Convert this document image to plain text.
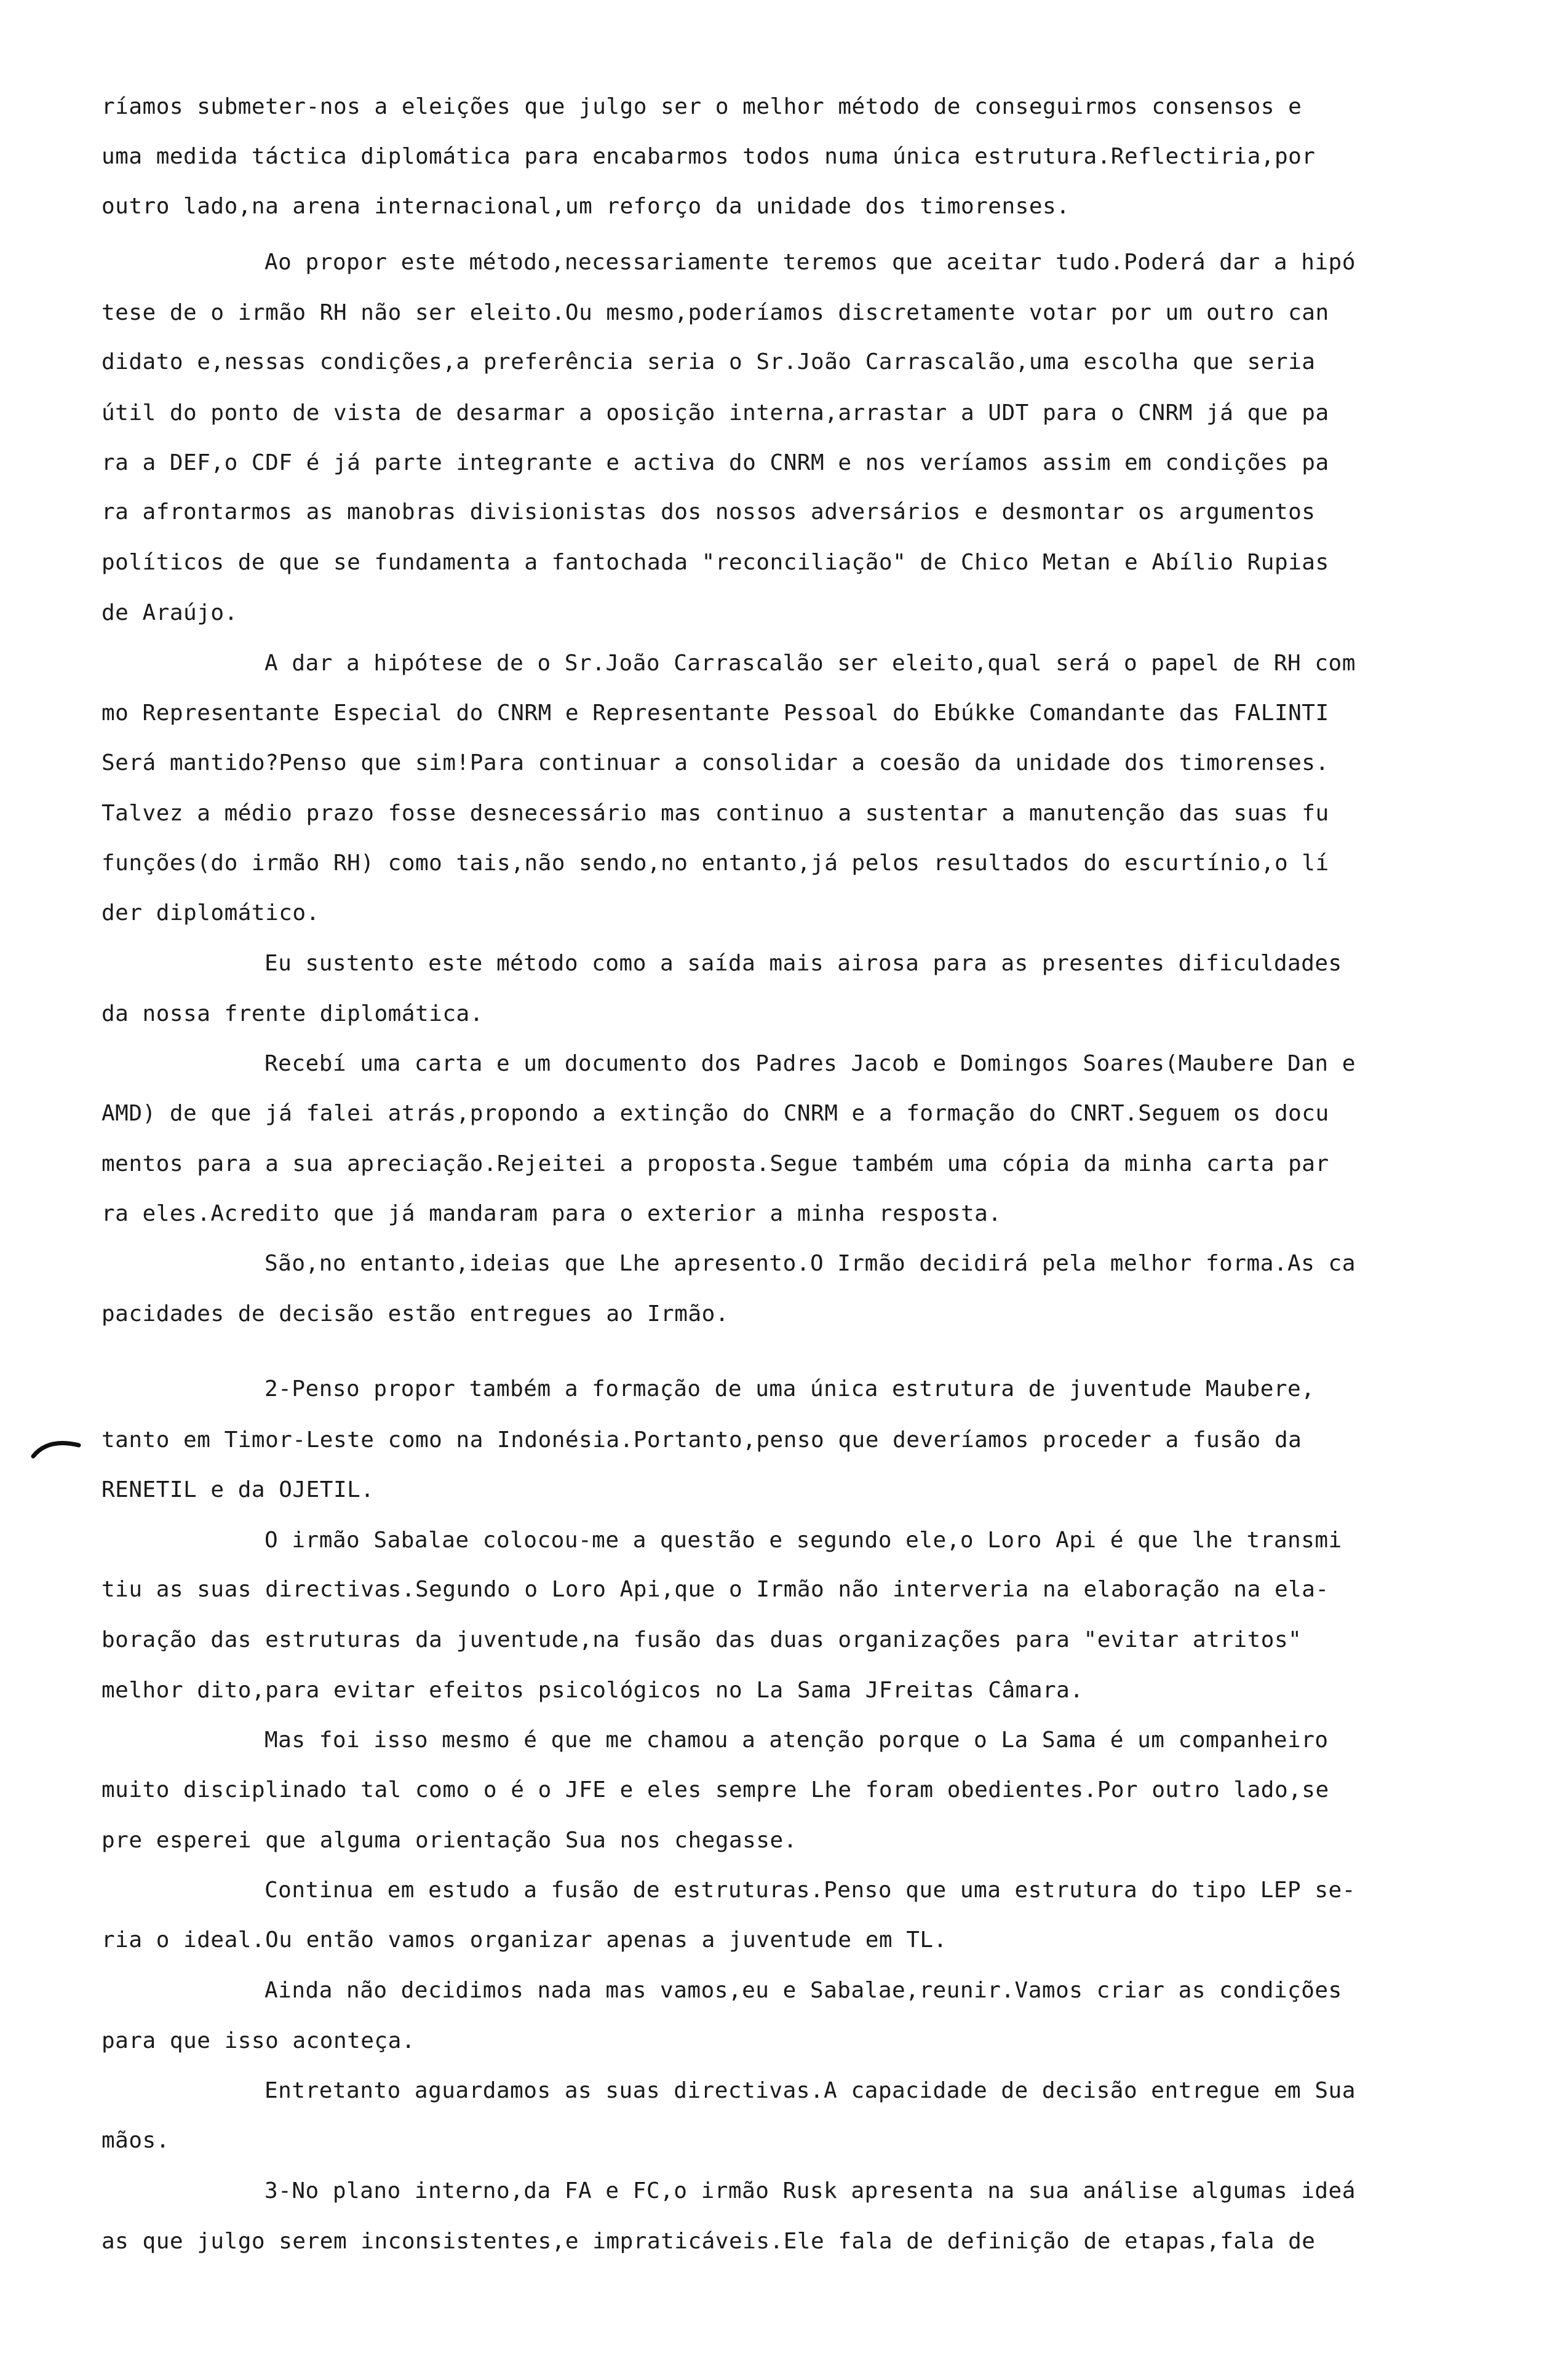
ríamos submeter-nos a eleições que julgo ser o melhor método de conseguirmos consensos e
uma medida táctica diplomática para encabarmos todos numa única estrutura.Reflectiria,por
outro lado,na arena internacional,um reforço da unidade dos timorenses.
Ao propor este método,necessariamente teremos que aceitar tudo.Poderá dar a hipó
tese de o irmão RH não ser eleito.Ou mesmo,poderíamos discretamente votar por um outro can
didato e,nessas condições,a preferência seria o Sr.João Carrascalão,uma escolha que seria
útil do ponto de vista de desarmar a oposição interna,arrastar a UDT para o CNRM já que pa
ra a DEF,o CDF é já parte integrante e activa do CNRM e nos veríamos assim em condições pa
ra afrontarmos as manobras divisionistas dos nossos adversários e desmontar os argumentos
políticos de que se fundamenta a fantochada "reconciliação" de Chico Metan e Abílio Rupias
de Araújo.
A dar a hipótese de o Sr.João Carrascalão ser eleito,qual será o papel de RH com
mo Representante Especial do CNRM e Representante Pessoal do Ebúkke Comandante das FALINTI
Será mantido?Penso que sim!Para continuar a consolidar a coesão da unidade dos timorenses.
Talvez a médio prazo fosse desnecessário mas continuo a sustentar a manutenção das suas fu
funções(do irmão RH) como tais,não sendo,no entanto,já pelos resultados do escurtínio,o lí
der diplomático.
Eu sustento este método como a saída mais airosa para as presentes dificuldades
da nossa frente diplomática.
Recebí uma carta e um documento dos Padres Jacob e Domingos Soares(Maubere Dan e
AMD) de que já falei atrás,propondo a extinção do CNRM e a formação do CNRT.Seguem os docu
mentos para a sua apreciação.Rejeitei a proposta.Segue também uma cópia da minha carta par
ra eles.Acredito que já mandaram para o exterior a minha resposta.
São,no entanto,ideias que Lhe apresento.O Irmão decidirá pela melhor forma.As ca
pacidades de decisão estão entregues ao Irmão.
2-Penso propor também a formação de uma única estrutura de juventude Maubere,
tanto em Timor-Leste como na Indonésia.Portanto,penso que deveríamos proceder a fusão da
RENETIL e da OJETIL.
O irmão Sabalae colocou-me a questão e segundo ele,o Loro Api é que lhe transmi
tiu as suas directivas.Segundo o Loro Api,que o Irmão não interveria na elaboração na ela-
boração das estruturas da juventude,na fusão das duas organizações para "evitar atritos"
melhor dito,para evitar efeitos psicológicos no La Sama JFreitas Câmara.
Mas foi isso mesmo é que me chamou a atenção porque o La Sama é um companheiro
muito disciplinado tal como o é o JFE e eles sempre Lhe foram obedientes.Por outro lado,se
pre esperei que alguma orientação Sua nos chegasse.
Continua em estudo a fusão de estruturas.Penso que uma estrutura do tipo LEP se-
ria o ideal.Ou então vamos organizar apenas a juventude em TL.
Ainda não decidimos nada mas vamos,eu e Sabalae,reunir.Vamos criar as condições
para que isso aconteça.
Entretanto aguardamos as suas directivas.A capacidade de decisão entregue em Sua
mãos.
3-No plano interno,da FA e FC,o irmão Rusk apresenta na sua análise algumas ideá
as que julgo serem inconsistentes,e impraticáveis.Ele fala de definição de etapas,fala de
